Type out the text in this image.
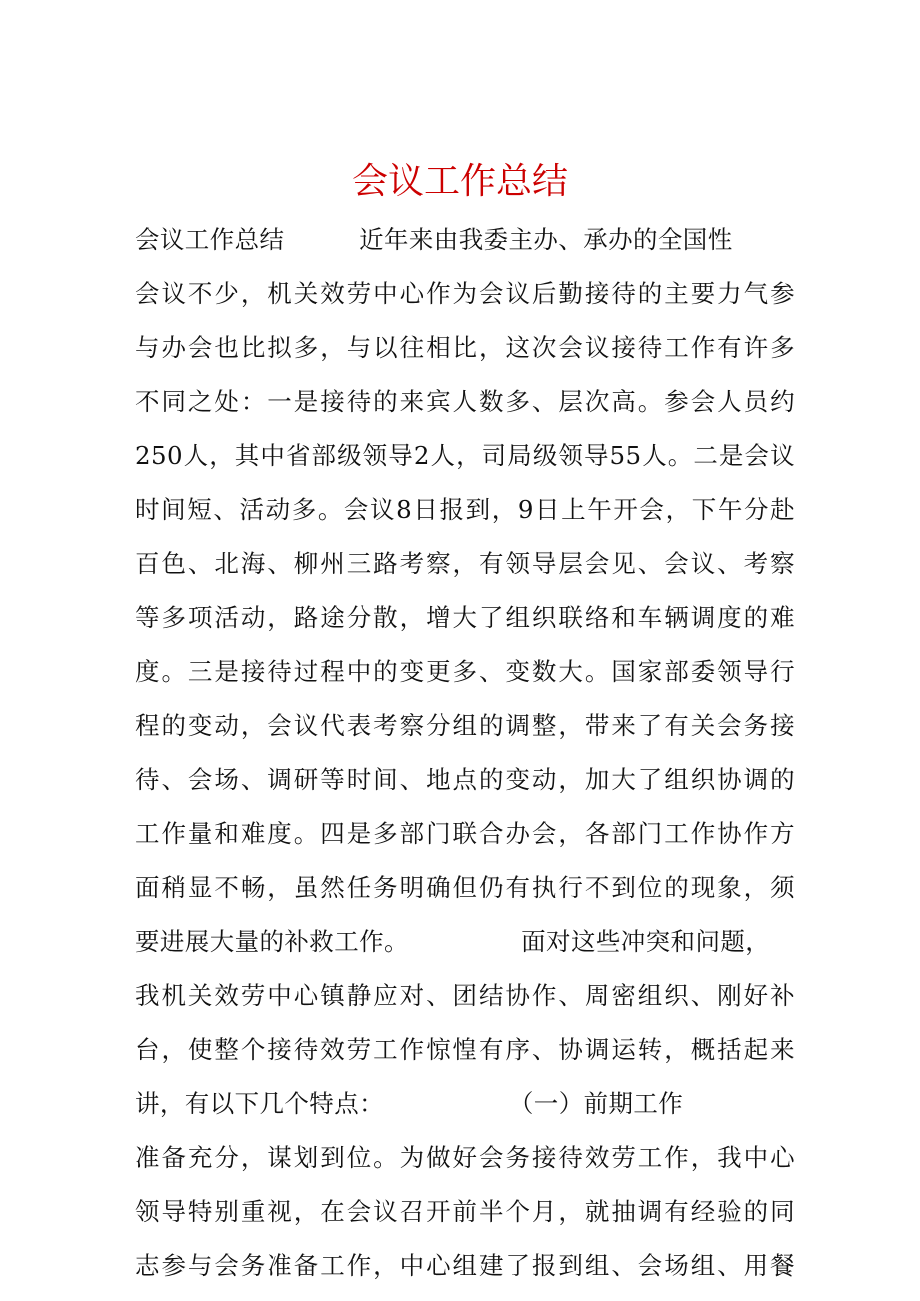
会议工作总结
会议工作总结　　　近年来由我委主办、承办的全国性
会议不少，机关效劳中心作为会议后勤接待的主要力气参
与办会也比拟多，与以往相比，这次会议接待工作有许多
不同之处：一是接待的来宾人数多、层次高。参会人员约
250人，其中省部级领导2人，司局级领导55人。二是会议
时间短、活动多。会议8日报到，9日上午开会，下午分赴
百色、北海、柳州三路考察，有领导层会见、会议、考察
等多项活动，路途分散，增大了组织联络和车辆调度的难
度。三是接待过程中的变更多、变数大。国家部委领导行
程的变动，会议代表考察分组的调整，带来了有关会务接
待、会场、调研等时间、地点的变动，加大了组织协调的
工作量和难度。四是多部门联合办会，各部门工作协作方
面稍显不畅，虽然任务明确但仍有执行不到位的现象，须
要进展大量的补救工作。　　　　　面对这些冲突和问题，
我机关效劳中心镇静应对、团结协作、周密组织、刚好补
台，使整个接待效劳工作惊惶有序、协调运转，概括起来
讲，有以下几个特点：　　　　　　（一）前期工作
准备充分，谋划到位。为做好会务接待效劳工作，我中心
领导特别重视，在会议召开前半个月，就抽调有经验的同
志参与会务准备工作，中心组建了报到组、会场组、用餐
